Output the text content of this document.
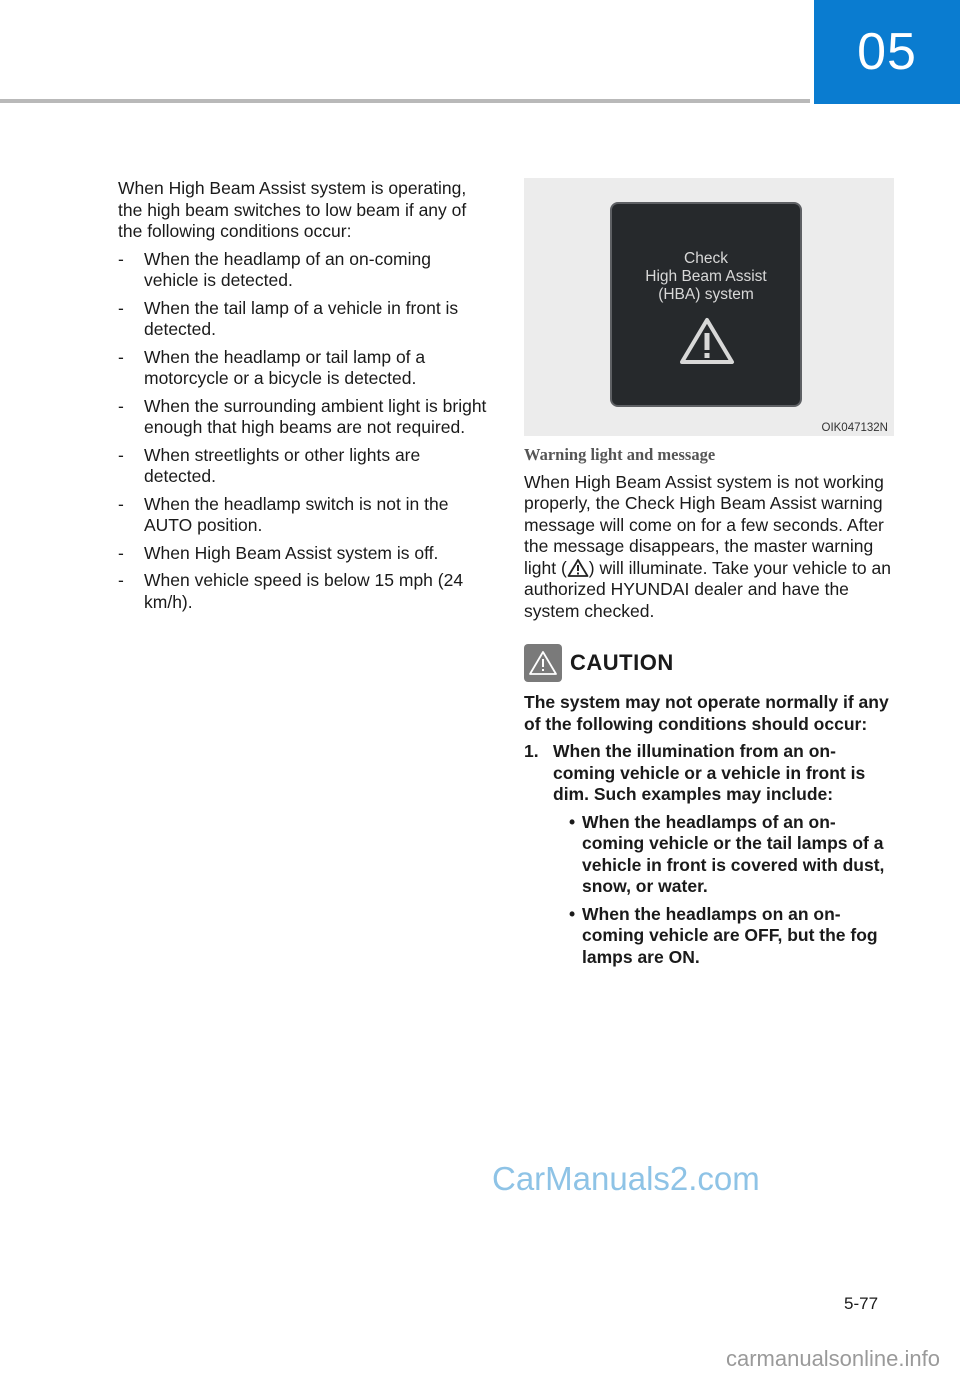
05

When High Beam Assist system is operating, the high beam switches to low beam if any of the following conditions occur:

- When the headlamp of an on-coming vehicle is detected.
- When the tail lamp of a vehicle in front is detected.
- When the headlamp or tail lamp of a motorcycle or a bicycle is detected.
- When the surrounding ambient light is bright enough that high beams are not required.
- When streetlights or other lights are detected.
- When the headlamp switch is not in the AUTO position.
- When High Beam Assist system is off.
- When vehicle speed is below 15 mph (24 km/h).
Check
High Beam Assist
(HBA) system
OIK047132N
Warning light and message

When High Beam Assist system is not working properly, the Check High Beam Assist warning message will come on for a few seconds. After the message disappears, the master warning light ( ) will illuminate. Take your vehicle to an authorized HYUNDAI dealer and have the system checked.

CAUTION

The system may not operate normally if any of the following conditions should occur:

1. When the illumination from an on-coming vehicle or a vehicle in front is dim. Such examples may include:
• When the headlamps of an on-coming vehicle or the tail lamps of a vehicle in front is covered with dust, snow, or water.
• When the headlamps on an on-coming vehicle are OFF, but the fog lamps are ON.
CarManuals2.com
5-77
carmanualsonline.info
